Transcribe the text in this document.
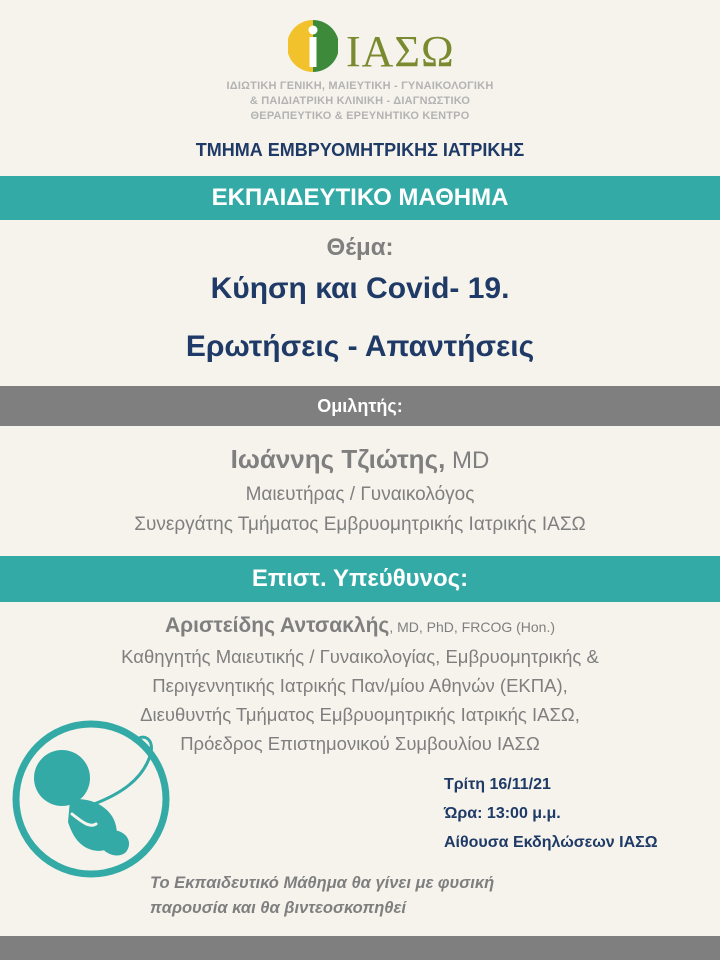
ΙΑΣΩ
ΙΔΙΩΤΙΚΗ ΓΕΝΙΚΗ, ΜΑΙΕΥΤΙΚΗ - ΓΥΝΑΙΚΟΛΟΓΙΚΗ
& ΠΑΙΔΙΑΤΡΙΚΗ ΚΛΙΝΙΚΗ - ΔΙΑΓΝΩΣΤΙΚΟ
ΘΕΡΑΠΕΥΤΙΚΟ & ΕΡΕΥΝΗΤΙΚΟ ΚΕΝΤΡΟ
ΤΜΗΜΑ ΕΜΒΡΥΟΜΗΤΡΙΚΗΣ ΙΑΤΡΙΚΗΣ
ΕΚΠΑΙΔΕΥΤΙΚΟ ΜΑΘΗΜΑ
Θέμα:
Κύηση και Covid- 19.
Ερωτήσεις - Απαντήσεις
Ομιλητής:
Ιωάννης Τζιώτης, MD
Μαιευτήρας / Γυναικολόγος
Συνεργάτης Τμήματος Εμβρυομητρικής Ιατρικής ΙΑΣΩ
Επιστ. Υπεύθυνος:
Αριστείδης Αντσακλής, MD, PhD, FRCOG (Hon.)
Καθηγητής Μαιευτικής / Γυναικολογίας, Εμβρυομητρικής &
Περιγεννητικής Ιατρικής Παν/μίου Αθηνών (ΕΚΠΑ),
Διευθυντής Τμήματος Εμβρυομητρικής Ιατρικής ΙΑΣΩ,
Πρόεδρος Επιστημονικού Συμβουλίου ΙΑΣΩ
Τρίτη 16/11/21
Ώρα: 13:00 μ.μ.
Αίθουσα Εκδηλώσεων ΙΑΣΩ
Το Εκπαιδευτικό Μάθημα θα γίνει με φυσική
παρουσία και θα βιντεοσκοπηθεί
